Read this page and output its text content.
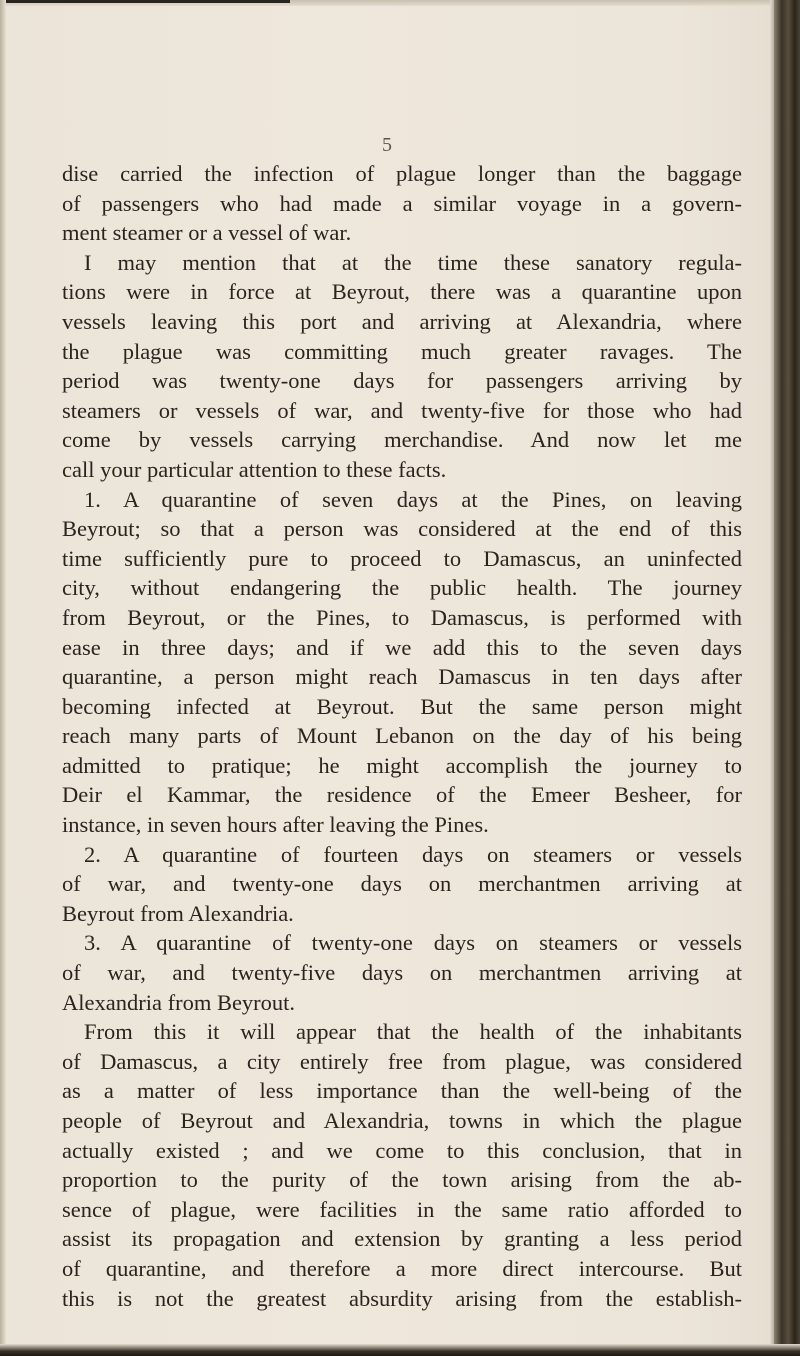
5

dise carried the infection of plague longer than the baggage

of passengers who had made a similar voyage in a govern-

ment steamer or a vessel of war.

I may mention that at the time these sanatory regula-

tions were in force at Beyrout, there was a quarantine upon

vessels leaving this port and arriving at Alexandria, where

the plague was committing much greater ravages. The

period was twenty-one days for passengers arriving by

steamers or vessels of war, and twenty-five for those who had

come by vessels carrying merchandise. And now let me

call your particular attention to these facts.

1. A quarantine of seven days at the Pines, on leaving

Beyrout; so that a person was considered at the end of this

time sufficiently pure to proceed to Damascus, an uninfected

city, without endangering the public health. The journey

from Beyrout, or the Pines, to Damascus, is performed with

ease in three days; and if we add this to the seven days

quarantine, a person might reach Damascus in ten days after

becoming infected at Beyrout. But the same person might

reach many parts of Mount Lebanon on the day of his being

admitted to pratique; he might accomplish the journey to

Deir el Kammar, the residence of the Emeer Besheer, for

instance, in seven hours after leaving the Pines.

2. A quarantine of fourteen days on steamers or vessels

of war, and twenty-one days on merchantmen arriving at

Beyrout from Alexandria.

3. A quarantine of twenty-one days on steamers or vessels

of war, and twenty-five days on merchantmen arriving at

Alexandria from Beyrout.

From this it will appear that the health of the inhabitants

of Damascus, a city entirely free from plague, was considered

as a matter of less importance than the well-being of the

people of Beyrout and Alexandria, towns in which the plague

actually existed ; and we come to this conclusion, that in

proportion to the purity of the town arising from the ab-

sence of plague, were facilities in the same ratio afforded to

assist its propagation and extension by granting a less period

of quarantine, and therefore a more direct intercourse. But

this is not the greatest absurdity arising from the establish-
